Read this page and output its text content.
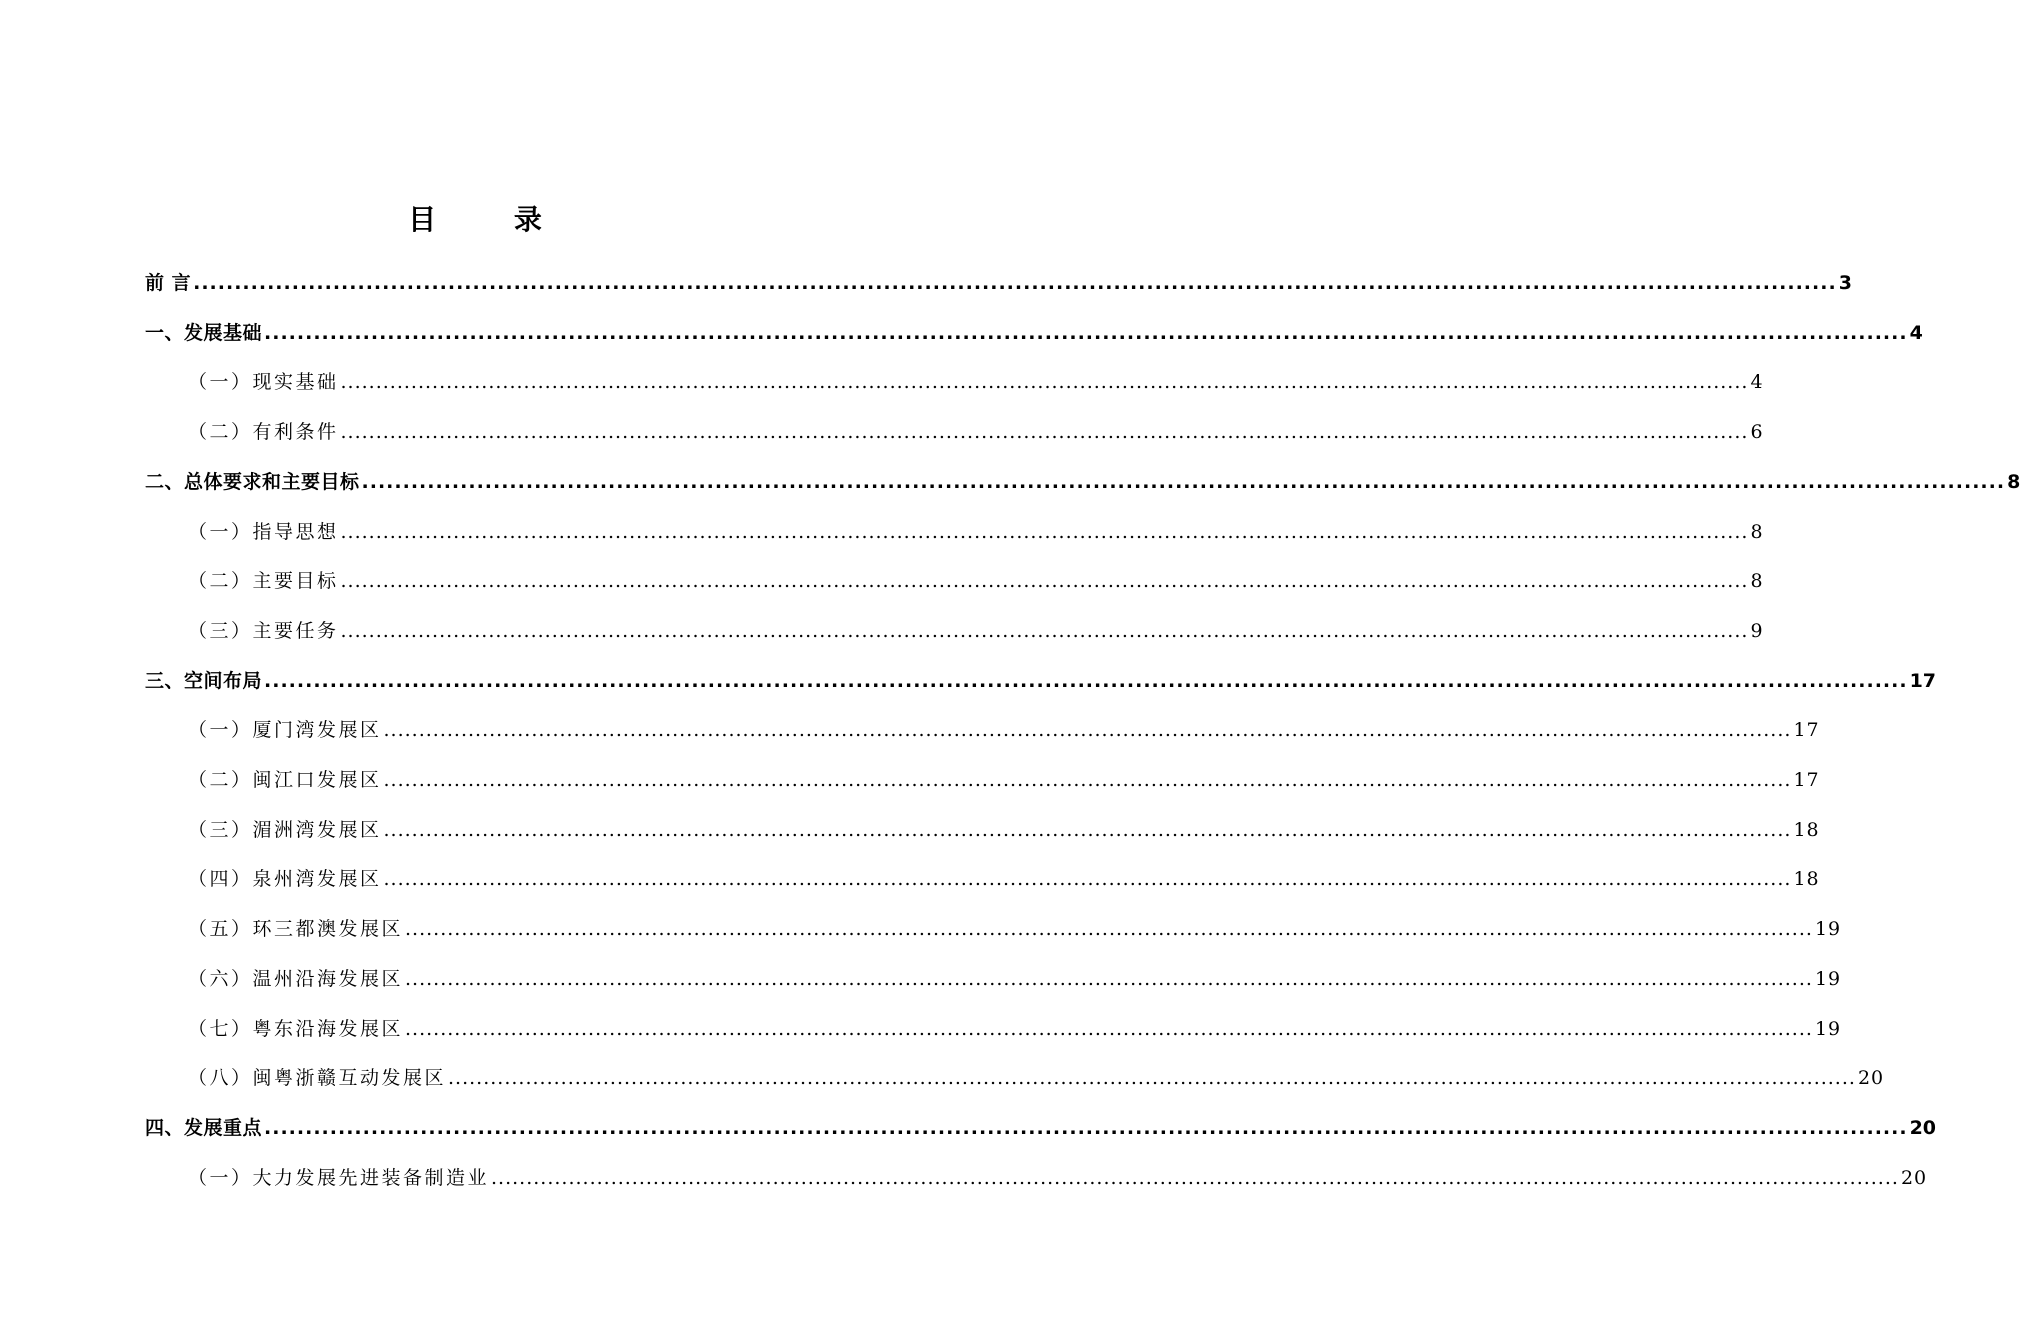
目 录
前 言 ........................................................................................................................................................................................................ 3
一、发展基础 ........................................................................................................................................................................................................ 4
（一）现实基础 ........................................................................................................................................................................................................ 4
（二）有利条件 ........................................................................................................................................................................................................ 6
二、总体要求和主要目标 ........................................................................................................................................................................................................ 8
（一）指导思想 ........................................................................................................................................................................................................ 8
（二）主要目标 ........................................................................................................................................................................................................ 8
（三）主要任务 ........................................................................................................................................................................................................ 9
三、空间布局 ........................................................................................................................................................................................................ 17
（一）厦门湾发展区 ........................................................................................................................................................................................................ 17
（二）闽江口发展区 ........................................................................................................................................................................................................ 17
（三）湄洲湾发展区 ........................................................................................................................................................................................................ 18
（四）泉州湾发展区 ........................................................................................................................................................................................................ 18
（五）环三都澳发展区 ........................................................................................................................................................................................................ 19
（六）温州沿海发展区 ........................................................................................................................................................................................................ 19
（七）粤东沿海发展区 ........................................................................................................................................................................................................ 19
（八）闽粤浙赣互动发展区 ........................................................................................................................................................................................................ 20
四、发展重点 ........................................................................................................................................................................................................ 20
（一）大力发展先进装备制造业 ........................................................................................................................................................................................................ 20
